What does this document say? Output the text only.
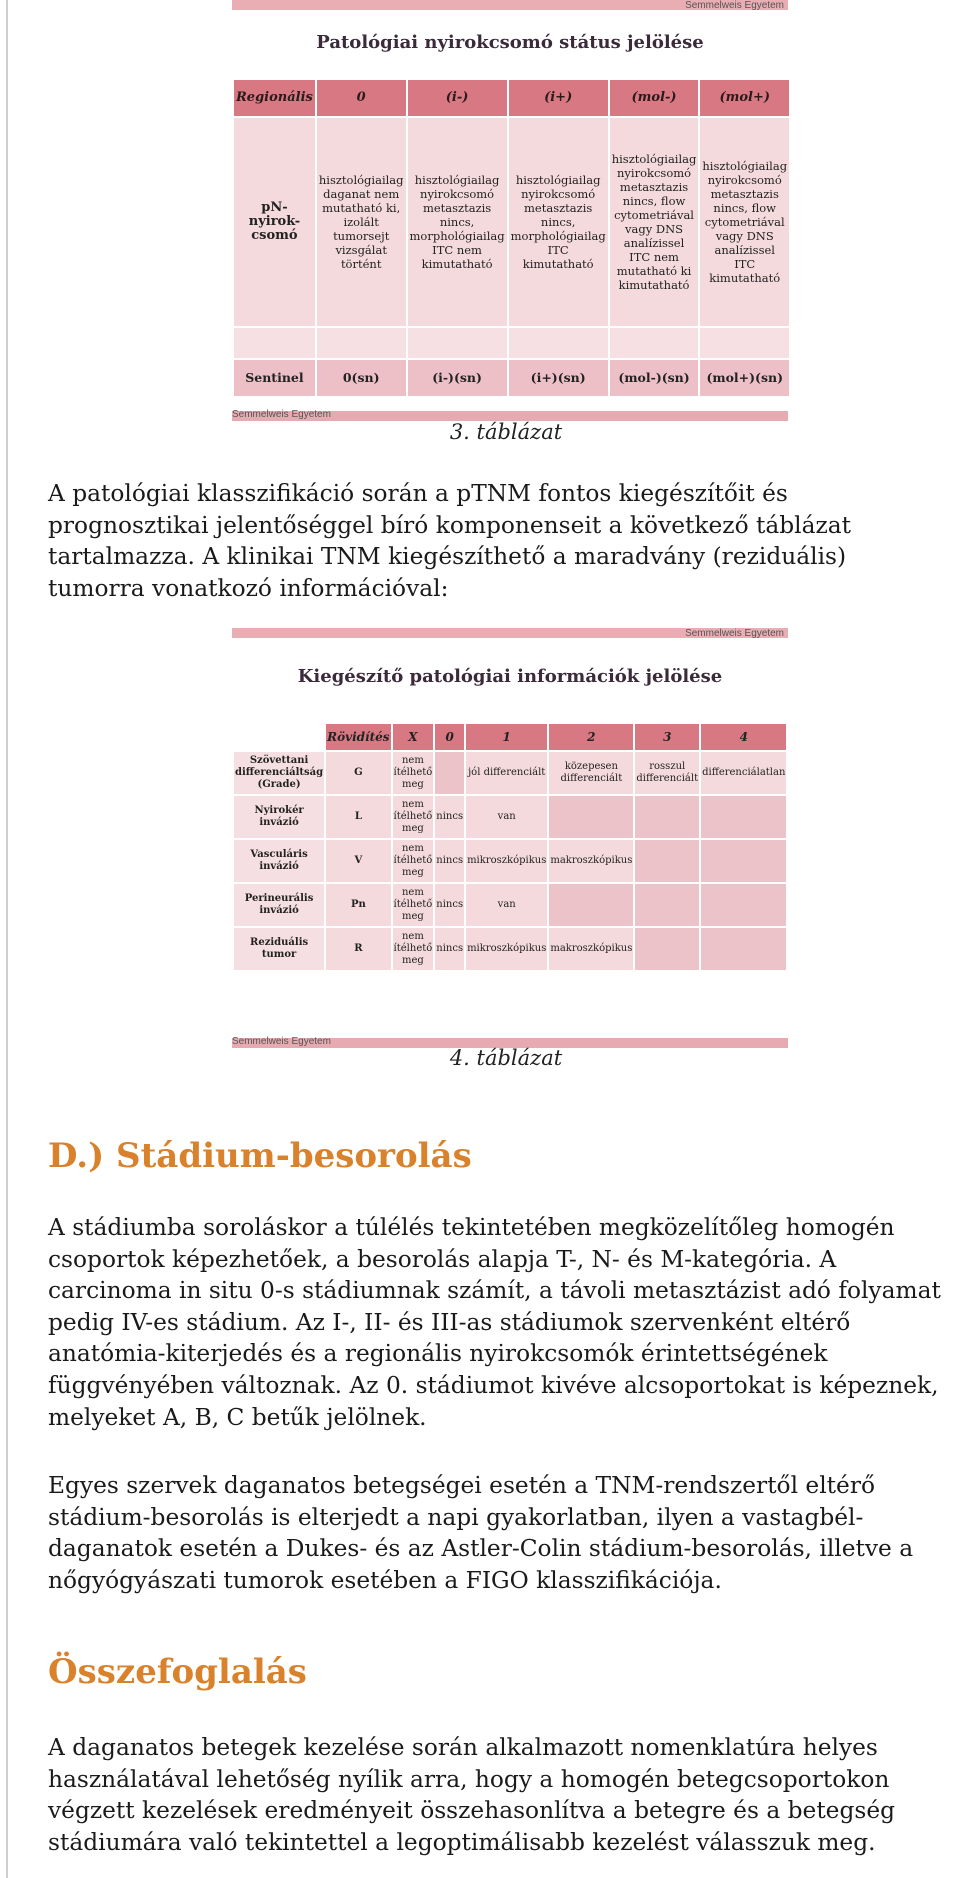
Semmelweis Egyetem
Patológiai nyirokcsomó státus jelölése
Regionális	0	(i-)	(i+)	(mol-)	(mol+)
pN- nyirok- csomó	hisztológiailag daganat nem mutatható ki, izolált tumorsejt vizsgálat történt	hisztológiailag nyirokcsomó metasztazis nincs, morphológiailag ITC nem kimutatható	hisztológiailag nyirokcsomó metasztazis nincs, morphológiailag ITC kimutatható	hisztológiailag nyirokcsomó metasztazis nincs, flow cytometriával vagy DNS analízissel ITC nem mutatható ki kimutatható	hisztológiailag nyirokcsomó metasztazis nincs, flow cytometriával vagy DNS analízissel ITC kimutatható

Sentinel	0(sn)	(i-)(sn)	(i+)(sn)	(mol-)(sn)	(mol+)(sn)
Semmelweis Egyetem
3. táblázat

A patológiai klasszifikáció során a pTNM fontos kiegészítőit és prognosztikai jelentőséggel bíró komponenseit a következő táblázat tartalmazza. A klinikai TNM kiegészíthető a maradvány (reziduális) tumorra vonatkozó információval:

Semmelweis Egyetem
Kiegészítő patológiai információk jelölése
	Rövidítés	X	0	1	2	3	4
Szövettani differenciáltság (Grade)	G	nem ítélhető meg		jól differenciált	közepesen differenciált	rosszul differenciált	differenciálatlan
Nyirokér invázió	L	nem ítélhető meg	nincs	van			
Vasculáris invázió	V	nem ítélhető meg	nincs	mikroszkópikus	makroszkópikus		
Perineurális invázió	Pn	nem ítélhető meg	nincs	van			
Reziduális tumor	R	nem ítélhető meg	nincs	mikroszkópikus	makroszkópikus		
Semmelweis Egyetem
4. táblázat
D.) Stádium-besorolás

A stádiumba soroláskor a túlélés tekintetében megközelítőleg homogén csoportok képezhetőek, a besorolás alapja T-, N- és M-kategória. A carcinoma in situ 0-s stádiumnak számít, a távoli metasztázist adó folyamat pedig IV-es stádium. Az I-, II- és III-as stádiumok szervenként eltérő anatómia-kiterjedés és a regionális nyirokcsomók érintettségének függvényében változnak. Az 0. stádiumot kivéve alcsoportokat is képeznek, melyeket A, B, C betűk jelölnek.

Egyes szervek daganatos betegségei esetén a TNM-rendszertől eltérő stádium-besorolás is elterjedt a napi gyakorlatban, ilyen a vastagbél-daganatok esetén a Dukes- és az Astler-Colin stádium-besorolás, illetve a nőgyógyászati tumorok esetében a FIGO klasszifikációja.

Összefoglalás

A daganatos betegek kezelése során alkalmazott nomenklatúra helyes használatával lehetőség nyílik arra, hogy a homogén betegcsoportokon végzett kezelések eredményeit összehasonlítva a betegre és a betegség stádiumára való tekintettel a legoptimálisabb kezelést válasszuk meg.
